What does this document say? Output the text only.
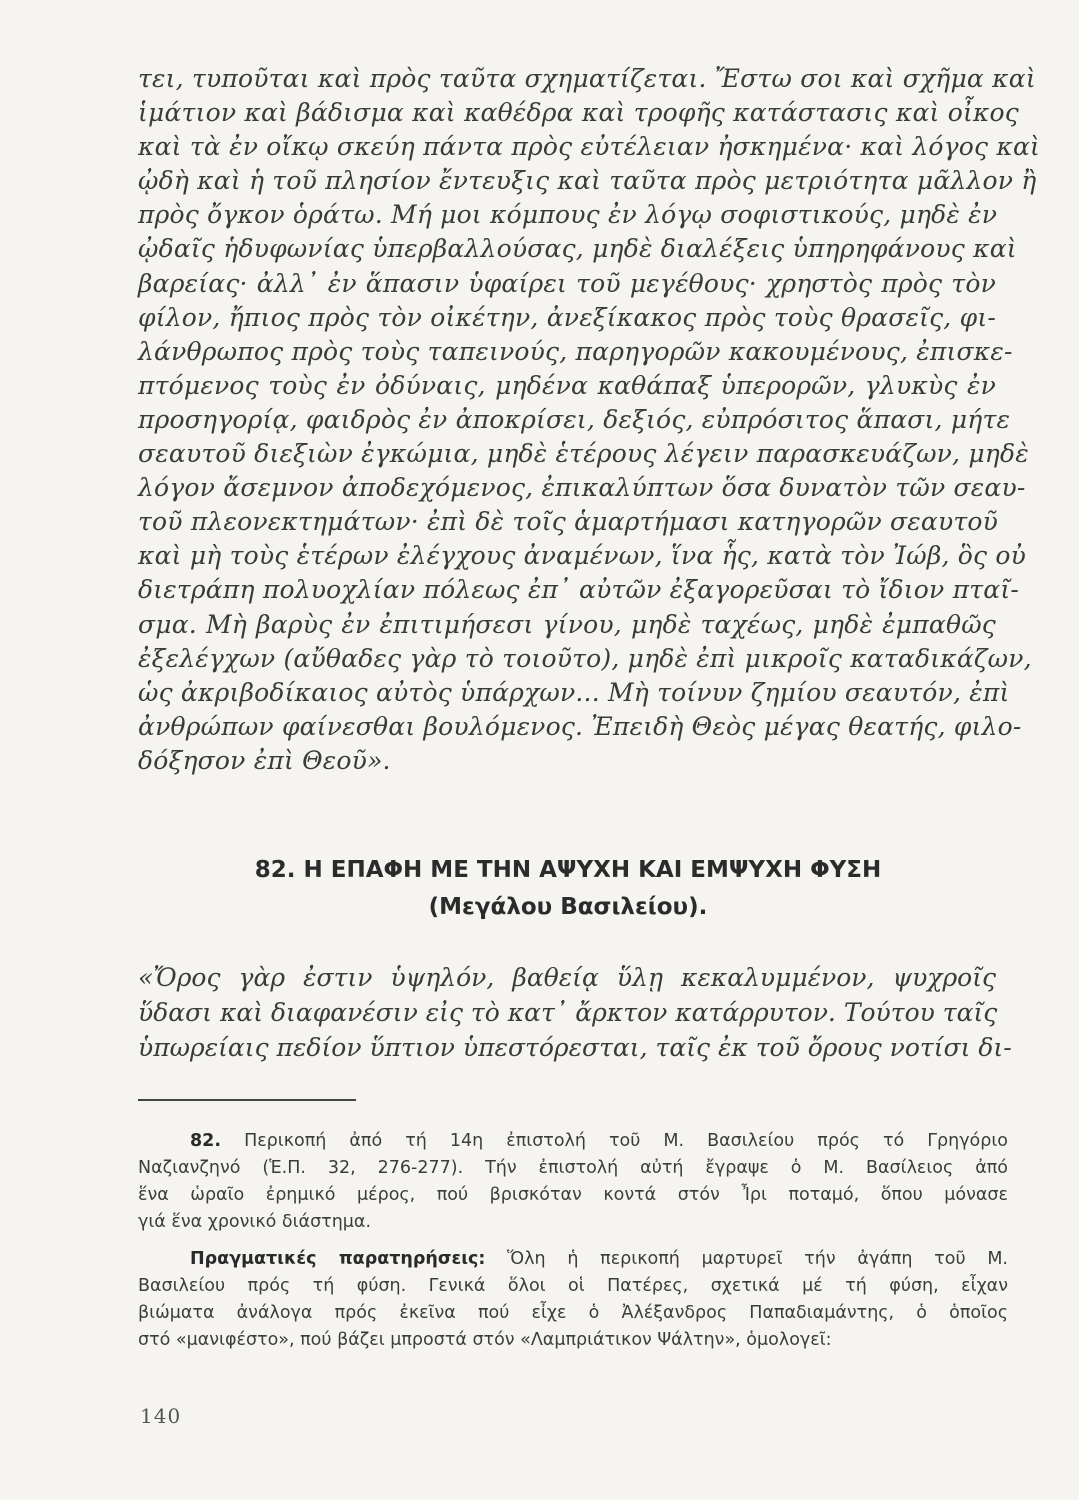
τει, τυποῦται καὶ πρὸς ταῦτα σχηματίζεται. Ἔστω σοι καὶ σχῆμα καὶ
ἱμάτιον καὶ βάδισμα καὶ καθέδρα καὶ τροφῆς κατάστασις καὶ οἶκος
καὶ τὰ ἐν οἴκῳ σκεύη πάντα πρὸς εὐτέλειαν ἠσκημένα· καὶ λόγος καὶ
ᾠδὴ καὶ ἡ τοῦ πλησίον ἔντευξις καὶ ταῦτα πρὸς μετριότητα μᾶλλον ἢ
πρὸς ὄγκον ὁράτω. Μή μοι κόμπους ἐν λόγῳ σοφιστικούς, μηδὲ ἐν
ᾠδαῖς ἡδυφωνίας ὑπερβαλλούσας, μηδὲ διαλέξεις ὑπηρηφάνους καὶ
βαρείας· ἀλλ᾽ ἐν ἅπασιν ὑφαίρει τοῦ μεγέθους· χρηστὸς πρὸς τὸν
φίλον, ἤπιος πρὸς τὸν οἰκέτην, ἀνεξίκακος πρὸς τοὺς θρασεῖς, φι-
λάνθρωπος πρὸς τοὺς ταπεινούς, παρηγορῶν κακουμένους, ἐπισκε-
πτόμενος τοὺς ἐν ὀδύναις, μηδένα καθάπαξ ὑπερορῶν, γλυκὺς ἐν
προσηγορίᾳ, φαιδρὸς ἐν ἀποκρίσει, δεξιός, εὐπρόσιτος ἅπασι, μήτε
σεαυτοῦ διεξιὼν ἐγκώμια, μηδὲ ἑτέρους λέγειν παρασκευάζων, μηδὲ
λόγον ἄσεμνον ἀποδεχόμενος, ἐπικαλύπτων ὅσα δυνατὸν τῶν σεαυ-
τοῦ πλεονεκτημάτων· ἐπὶ δὲ τοῖς ἁμαρτήμασι κατηγορῶν σεαυτοῦ
καὶ μὴ τοὺς ἑτέρων ἐλέγχους ἀναμένων, ἵνα ἧς, κατὰ τὸν Ἰώβ, ὃς οὐ
διετράπη πολυοχλίαν πόλεως ἐπ᾽ αὐτῶν ἐξαγορεῦσαι τὸ ἴδιον πταῖ-
σμα. Μὴ βαρὺς ἐν ἐπιτιμήσεσι γίνου, μηδὲ ταχέως, μηδὲ ἐμπαθῶς
ἐξελέγχων (αὔθαδες γὰρ τὸ τοιοῦτο), μηδὲ ἐπὶ μικροῖς καταδικάζων,
ὡς ἀκριβοδίκαιος αὐτὸς ὑπάρχων... Μὴ τοίνυν ζημίου σεαυτόν, ἐπὶ
ἀνθρώπων φαίνεσθαι βουλόμενος. Ἐπειδὴ Θεὸς μέγας θεατής, φιλο-
δόξησον ἐπὶ Θεοῦ».
82. Η ΕΠΑΦΗ ΜΕ ΤΗΝ ΑΨΥΧΗ ΚΑΙ ΕΜΨΥΧΗ ΦΥΣΗ
(Μεγάλου Βασιλείου).
«Ὄρος γὰρ ἐστιν ὑψηλόν, βαθείᾳ ὕλῃ κεκαλυμμένον, ψυχροῖς
ὕδασι καὶ διαφανέσιν εἰς τὸ κατ᾽ ἄρκτον κατάρρυτον. Τούτου ταῖς
ὑπωρείαις πεδίον ὕπτιον ὑπεστόρεσται, ταῖς ἐκ τοῦ ὄρους νοτίσι δι-
82. Περικοπή ἀπό τή 14η ἐπιστολή τοῦ Μ. Βασιλείου πρός τό Γρηγόριο
Ναζιανζηνό (Ἑ.Π. 32, 276-277). Τήν ἐπιστολή αὐτή ἔγραψε ὁ Μ. Βασίλειος ἀπό
ἕνα ὡραῖο ἐρημικό μέρος, πού βρισκόταν κοντά στόν Ἶρι ποταμό, ὅπου μόνασε
γιά ἕνα χρονικό διάστημα.
Πραγματικές παρατηρήσεις: Ὅλη ἡ περικοπή μαρτυρεῖ τήν ἀγάπη τοῦ Μ.
Βασιλείου πρός τή φύση. Γενικά ὅλοι οἱ Πατέρες, σχετικά μέ τή φύση, εἶχαν
βιώματα ἀνάλογα πρός ἐκεῖνα πού εἶχε ὁ Ἀλέξανδρος Παπαδιαμάντης, ὁ ὁποῖος
στό «μανιφέστο», πού βάζει μπροστά στόν «Λαμπριάτικον Ψάλτην», ὁμολογεῖ:
140
